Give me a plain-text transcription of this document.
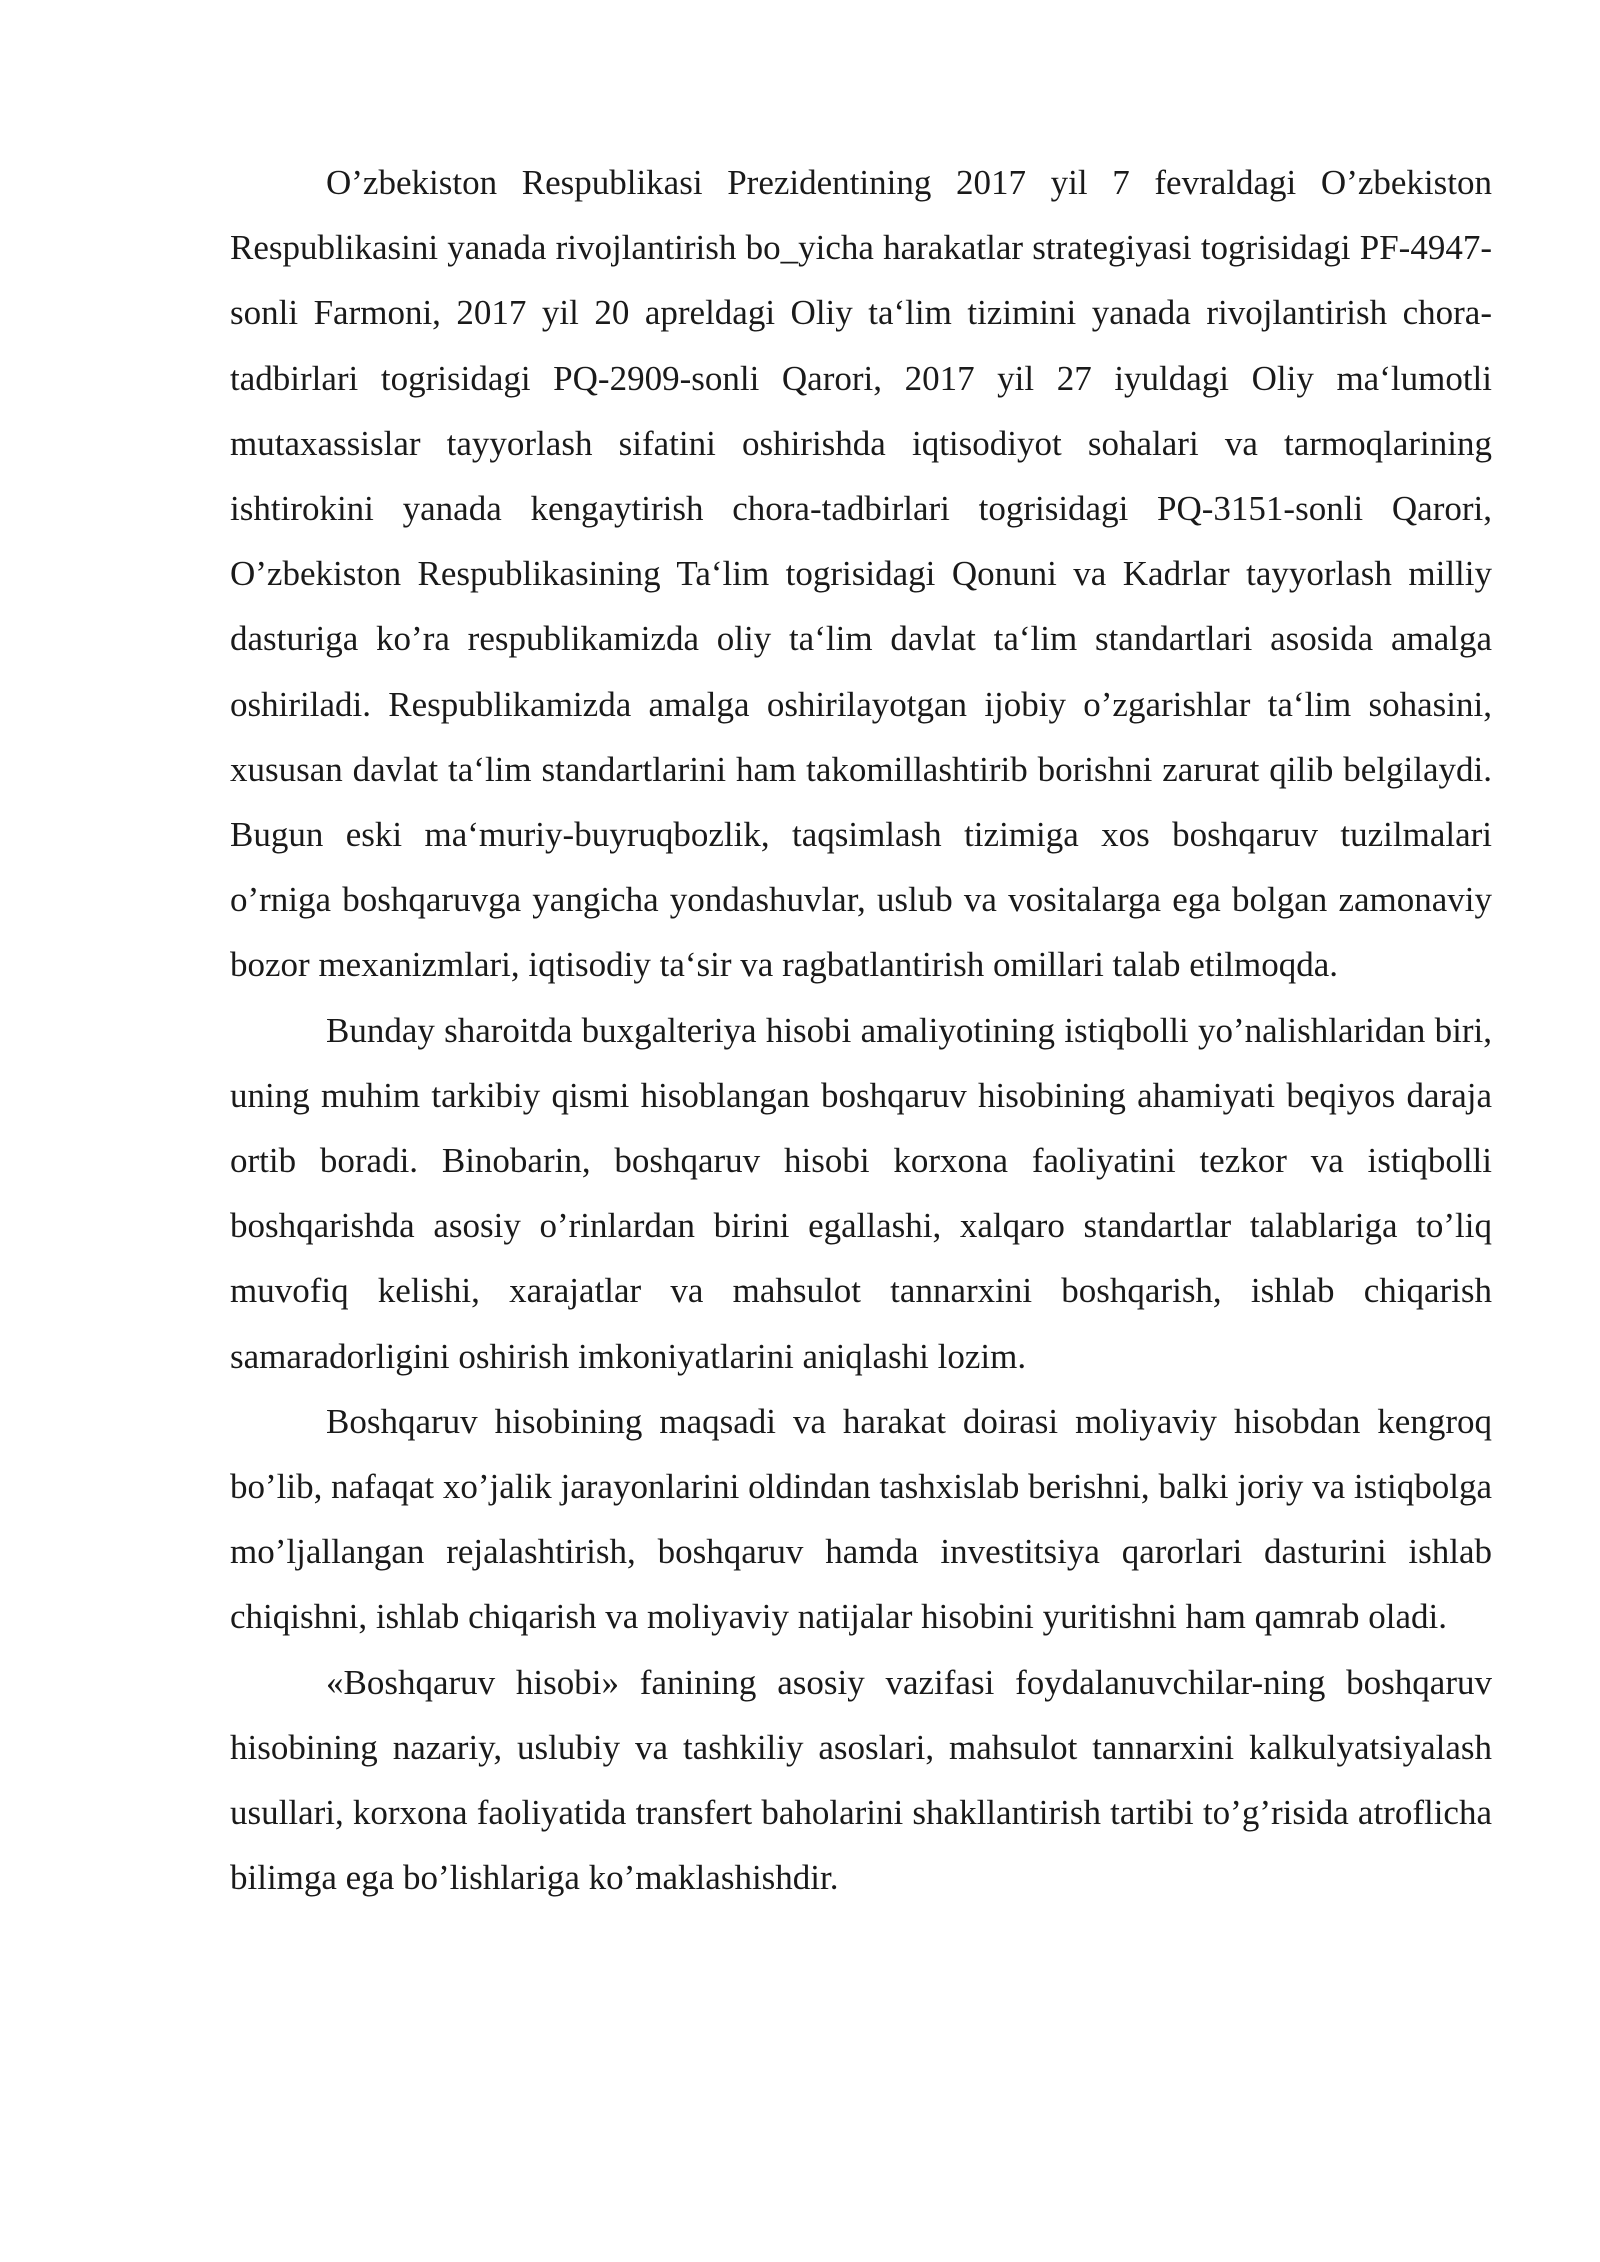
O’zbekiston Respublikasi Prezidentining 2017 yil 7 fevraldagi O’zbekiston Respublikasini yanada rivojlantirish bo_yicha harakatlar strategiyasi togrisidagi PF-4947-sonli Farmoni, 2017 yil 20 apreldagi Oliy ta‘lim tizimini yanada rivojlantirish chora-tadbirlari togrisidagi PQ-2909-sonli Qarori, 2017 yil 27 iyuldagi Oliy ma‘lumotli mutaxassislar tayyorlash sifatini oshirishda iqtisodiyot sohalari va tarmoqlarining ishtirokini yanada kengaytirish chora-tadbirlari togrisidagi PQ-3151-sonli Qarori, O’zbekiston Respublikasining Ta‘lim togrisidagi Qonuni va Kadrlar tayyorlash milliy dasturiga ko’ra respublikamizda oliy ta‘lim davlat ta‘lim standartlari asosida amalga oshiriladi. Respublikamizda amalga oshirilayotgan ijobiy o’zgarishlar ta‘lim sohasini, xususan davlat ta‘lim standartlarini ham takomillashtirib borishni zarurat qilib belgilaydi. Bugun eski ma‘muriy-buyruqbozlik, taqsimlash tizimiga xos boshqaruv tuzilmalari o’rniga boshqaruvga yangicha yondashuvlar, uslub va vositalarga ega bolgan zamonaviy bozor mexanizmlari, iqtisodiy ta‘sir va ragbatlantirish omillari talab etilmoqda.

Bunday sharoitda buxgalteriya hisobi amaliyotining istiqbolli yo’nalishlaridan biri, uning muhim tarkibiy qismi hisoblangan boshqaruv hisobining ahamiyati beqiyos daraja ortib boradi. Binobarin, boshqaruv hisobi korxona faoliyatini tezkor va istiqbolli boshqarishda asosiy o’rinlardan birini egallashi, xalqaro standartlar talablariga to’liq muvofiq kelishi, xarajatlar va mahsulot tannarxini boshqarish, ishlab chiqarish samaradorligini oshirish imkoniyatlarini aniqlashi lozim.

Boshqaruv hisobining maqsadi va harakat doirasi moliyaviy hisobdan kengroq bo’lib, nafaqat xo’jalik jarayonlarini oldindan tashxislab berishni, balki joriy va istiqbolga mo’ljallangan rejalashtirish, boshqaruv hamda investitsiya qarorlari dasturini ishlab chiqishni, ishlab chiqarish va moliyaviy natijalar hisobini yuritishni ham qamrab oladi.

«Boshqaruv hisobi» fanining asosiy vazifasi foydalanuvchilar-ning boshqaruv hisobining nazariy, uslubiy va tashkiliy asoslari, mahsulot tannarxini kalkulyatsiyalash usullari, korxona faoliyatida transfert baholarini shakllantirish tartibi to’g’risida atroflicha bilimga ega bo’lishlariga ko’maklashishdir.
